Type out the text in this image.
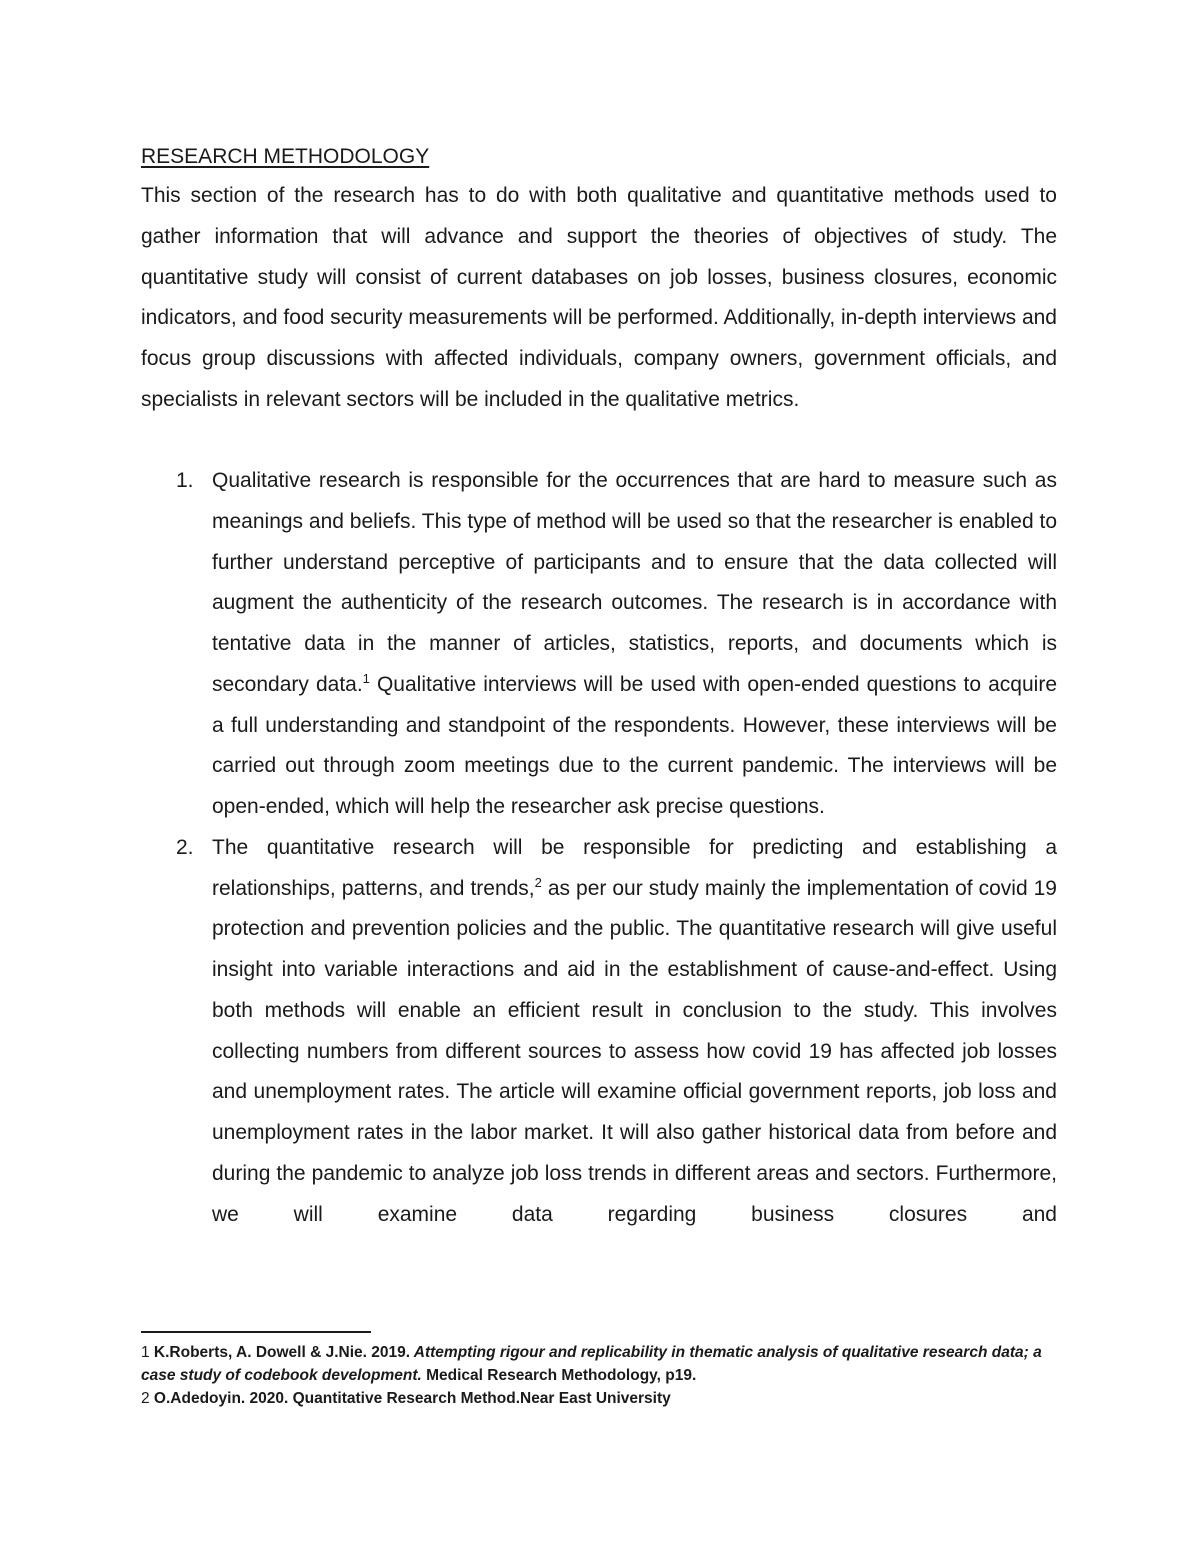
RESEARCH METHODOLOGY
This section of the research has to do with both qualitative and quantitative methods used to gather information that will advance and support the theories of objectives of study. The quantitative study will consist of current databases on job losses, business closures, economic indicators, and food security measurements will be performed. Additionally, in-depth interviews and focus group discussions with affected individuals, company owners, government officials, and specialists in relevant sectors will be included in the qualitative metrics.
1. Qualitative research is responsible for the occurrences that are hard to measure such as meanings and beliefs. This type of method will be used so that the researcher is enabled to further understand perceptive of participants and to ensure that the data collected will augment the authenticity of the research outcomes. The research is in accordance with tentative data in the manner of articles, statistics, reports, and documents which is secondary data.$^1$ Qualitative interviews will be used with open-ended questions to acquire a full understanding and standpoint of the respondents. However, these interviews will be carried out through zoom meetings due to the current pandemic. The interviews will be open-ended, which will help the researcher ask precise questions.
2. The quantitative research will be responsible for predicting and establishing a relationships, patterns, and trends,$^2$ as per our study mainly the implementation of covid 19 protection and prevention policies and the public. The quantitative research will give useful insight into variable interactions and aid in the establishment of cause-and-effect. Using both methods will enable an efficient result in conclusion to the study. This involves collecting numbers from different sources to assess how covid 19 has affected job losses and unemployment rates. The article will examine official government reports, job loss and unemployment rates in the labor market. It will also gather historical data from before and during the pandemic to analyze job loss trends in different areas and sectors. Furthermore, we will examine data regarding business closures and

1 K.Roberts, A. Dowell & J.Nie. 2019. Attempting rigour and replicability in thematic analysis of qualitative research data; a case study of codebook development. Medical Research Methodology, p19.

2 O.Adedoyin. 2020. Quantitative Research Method.Near East University
